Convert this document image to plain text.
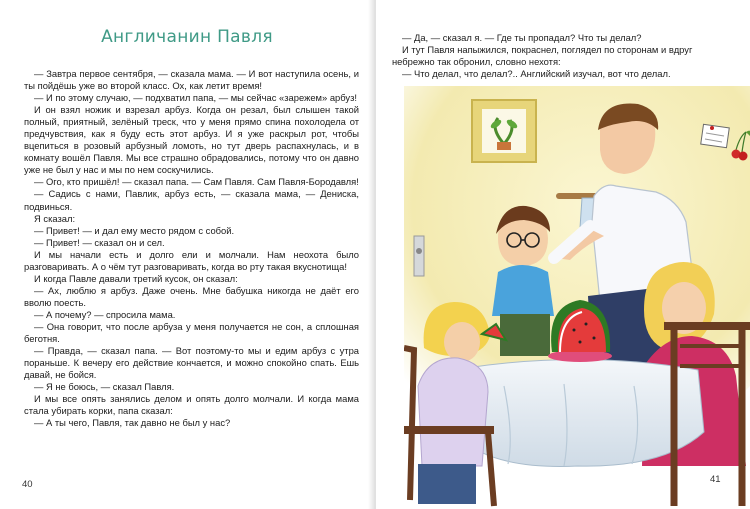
Англичанин Павля

— Завтра первое сентября, — сказала мама. — И вот наступила осень, и ты пойдёшь уже во второй класс. Ох, как летит время!

— И по этому случаю, — подхватил папа, — мы сейчас «зарежем» арбуз!

И он взял ножик и взрезал арбуз. Когда он резал, был слышен такой полный, приятный, зелёный треск, что у меня прямо спина похолодела от предчувствия, как я буду есть этот арбуз. И я уже раскрыл рот, чтобы вцепиться в розовый арбузный ломоть, но тут дверь распахнулась, и в комнату вошёл Павля. Мы все страшно обрадовались, потому что он давно уже не был у нас и мы по нем соскучились.

— Ого, кто пришёл! — сказал папа. — Сам Павля. Сам Павля-Бородавля!

— Садись с нами, Павлик, арбуз есть, — сказала мама, — Дениска, подвинься.

Я сказал:

— Привет! — и дал ему место рядом с собой.

— Привет! — сказал он и сел.

И мы начали есть и долго ели и молчали. Нам неохота было разговаривать. А о чём тут разговаривать, когда во рту такая вкуснотища!

И когда Павле давали третий кусок, он сказал:

— Ах, люблю я арбуз. Даже очень. Мне бабушка никогда не даёт его вволю поесть.

— А почему? — спросила мама.

— Она говорит, что после арбуза у меня получается не сон, а сплошная беготня.

— Правда, — сказал папа. — Вот поэтому-то мы и едим арбуз с утра пораньше. К вечеру его действие кончается, и можно спокойно спать. Ешь давай, не бойся.

— Я не боюсь, — сказал Павля.

И мы все опять занялись делом и опять долго молчали. И когда мама стала убирать корки, папа сказал:

— А ты чего, Павля, так давно не был у нас?

40

— Да, — сказал я. — Где ты пропадал? Что ты делал?

И тут Павля напыжился, покраснел, поглядел по сторонам и вдруг небрежно так обронил, словно нехотя:

— Что делал, что делал?.. Английский изучал, вот что делал.

41
